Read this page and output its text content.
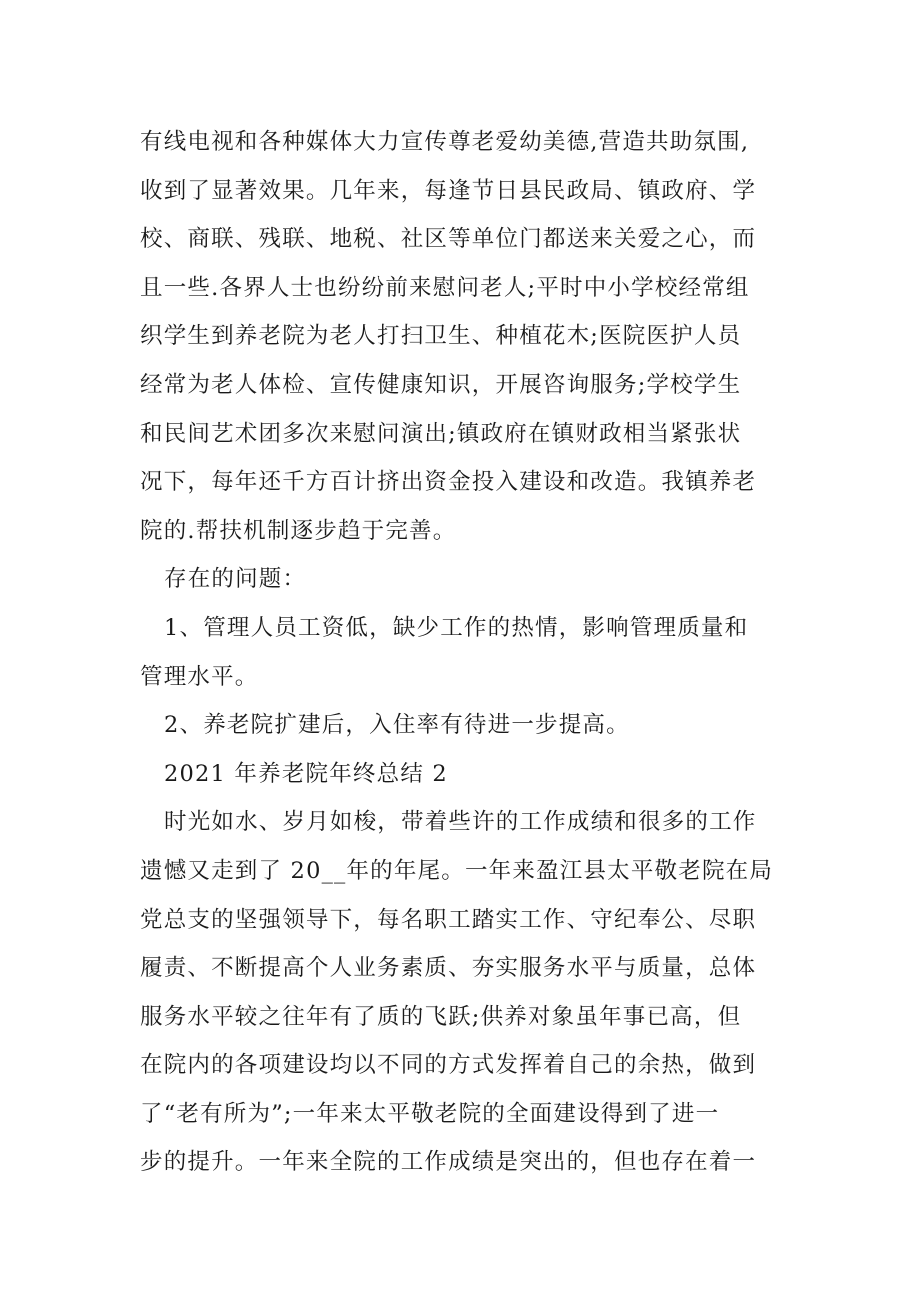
有线电视和各种媒体大力宣传尊老爱幼美德,营造共助氛围,
收到了显著效果。几年来，每逢节日县民政局、镇政府、学
校、商联、残联、地税、社区等单位门都送来关爱之心，而
且一些.各界人士也纷纷前来慰问老人;平时中小学校经常组
织学生到养老院为老人打扫卫生、种植花木;医院医护人员
经常为老人体检、宣传健康知识，开展咨询服务;学校学生
和民间艺术团多次来慰问演出;镇政府在镇财政相当紧张状
况下，每年还千方百计挤出资金投入建设和改造。我镇养老
院的.帮扶机制逐步趋于完善。

存在的问题：

1、管理人员工资低，缺少工作的热情，影响管理质量和
管理水平。

2、养老院扩建后，入住率有待进一步提高。

2021 年养老院年终总结 2

时光如水、岁月如梭，带着些许的工作成绩和很多的工作
遗憾又走到了 20__年的年尾。一年来盈江县太平敬老院在局
党总支的坚强领导下，每名职工踏实工作、守纪奉公、尽职
履责、不断提高个人业务素质、夯实服务水平与质量，总体
服务水平较之往年有了质的飞跃;供养对象虽年事已高，但
在院内的各项建设均以不同的方式发挥着自己的余热，做到
了“老有所为”;一年来太平敬老院的全面建设得到了进一
步的提升。一年来全院的工作成绩是突出的，但也存在着一
